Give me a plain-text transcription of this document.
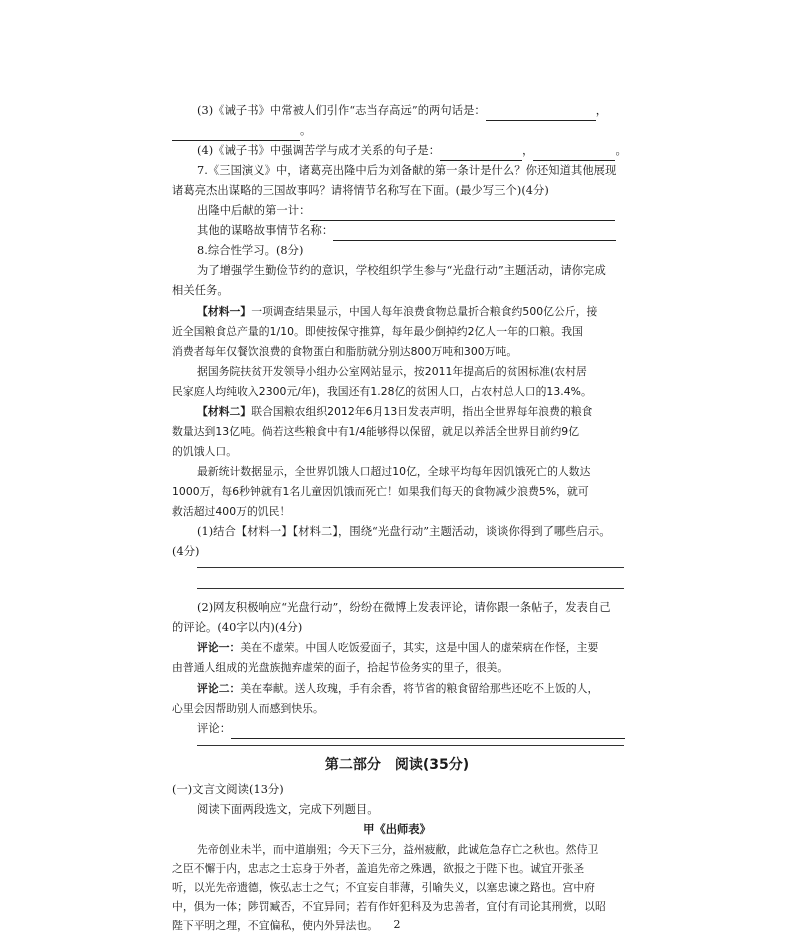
(3)《诫子书》中常被人们引作“志当存高远”的两句话是：	，
。
(4)《诫子书》中强调苦学与成才关系的句子是：	，	。
7.《三国演义》中，诸葛亮出隆中后为刘备献的第一条计是什么？你还知道其他展现
诸葛亮杰出谋略的三国故事吗？请将情节名称写在下面。(最少写三个)(4分)
出隆中后献的第一计：
其他的谋略故事情节名称：
8.综合性学习。(8分)
为了增强学生勤俭节约的意识，学校组织学生参与“光盘行动”主题活动，请你完成
相关任务。
【材料一】一项调查结果显示，中国人每年浪费食物总量折合粮食约500亿公斤，接
近全国粮食总产量的1/10。即使按保守推算，每年最少倒掉约2亿人一年的口粮。我国
消费者每年仅餐饮浪费的食物蛋白和脂肪就分别达800万吨和300万吨。
据国务院扶贫开发领导小组办公室网站显示，按2011年提高后的贫困标准(农村居
民家庭人均纯收入2300元/年)，我国还有1.28亿的贫困人口，占农村总人口的13.4%。
【材料二】联合国粮农组织2012年6月13日发表声明，指出全世界每年浪费的粮食
数量达到13亿吨。倘若这些粮食中有1/4能够得以保留，就足以养活全世界目前约9亿
的饥饿人口。
最新统计数据显示，全世界饥饿人口超过10亿，全球平均每年因饥饿死亡的人数达
1000万，每6秒钟就有1名儿童因饥饿而死亡！如果我们每天的食物减少浪费5%，就可
救活超过400万的饥民！
(1)结合【材料一】【材料二】，围绕“光盘行动”主题活动，谈谈你得到了哪些启示。
(4分)
(2)网友积极响应“光盘行动”，纷纷在微博上发表评论，请你跟一条帖子，发表自己
的评论。(40字以内)(4分)
评论一：美在不虚荣。中国人吃饭爱面子，其实，这是中国人的虚荣病在作怪，主要
由普通人组成的光盘族抛弃虚荣的面子，拾起节俭务实的里子，很美。
评论二：美在奉献。送人玫瑰，手有余香，将节省的粮食留给那些还吃不上饭的人，
心里会因帮助别人而感到快乐。
评论：
第二部分　阅读(35分)
(一)文言文阅读(13分)
阅读下面两段选文，完成下列题目。
甲《出师表》
先帝创业未半，而中道崩殂；今天下三分，益州疲敝，此诚危急存亡之秋也。然侍卫
之臣不懈于内，忠志之士忘身于外者，盖追先帝之殊遇，欲报之于陛下也。诚宜开张圣
听，以光先帝遗德，恢弘志士之气；不宜妄自菲薄，引喻失义，以塞忠谏之路也。宫中府
中，俱为一体；陟罚臧否，不宜异同；若有作奸犯科及为忠善者，宜付有司论其刑赏，以昭
陛下平明之理，不宜偏私，使内外异法也。	2
